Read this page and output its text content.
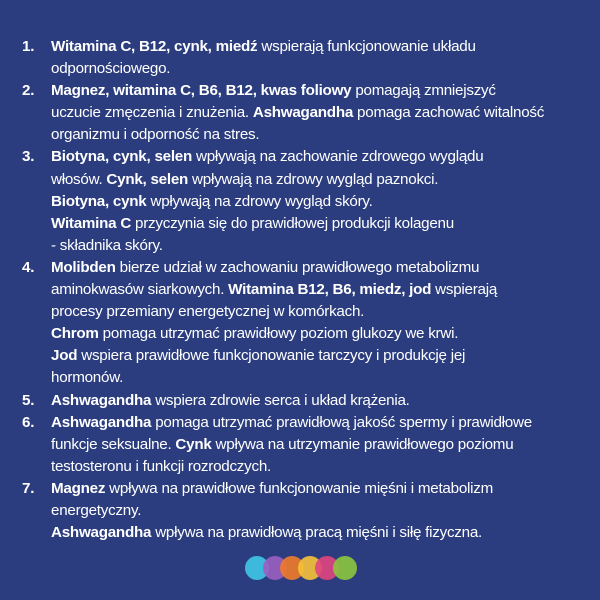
1.	Witamina C, B12, cynk, miedź wspierają funkcjonowanie układu
odpornościowego.
2.	Magnez, witamina C, B6, B12, kwas foliowy pomagają zmniejszyć
uczucie zmęczenia i znużenia. Ashwagandha pomaga zachować witalność
organizmu i odporność na stres.
3.	Biotyna, cynk, selen wpływają na zachowanie zdrowego wyglądu
włosów. Cynk, selen wpływają na zdrowy wygląd paznokci.
Biotyna, cynk wpływają na zdrowy wygląd skóry.
Witamina C przyczynia się do prawidłowej produkcji kolagenu
- składnika skóry.
4.	Molibden bierze udział w zachowaniu prawidłowego metabolizmu
aminokwasów siarkowych. Witamina B12, B6, miedz, jod wspierają
procesy przemiany energetycznej w komórkach.
Chrom pomaga utrzymać prawidłowy poziom glukozy we krwi.
Jod wspiera prawidłowe funkcjonowanie tarczycy i produkcję jej
hormonów.
5.	Ashwagandha wspiera zdrowie serca i układ krążenia.
6.	Ashwagandha pomaga utrzymać prawidłową jakość spermy i prawidłowe
funkcje seksualne. Cynk wpływa na utrzymanie prawidłowego poziomu
testosteronu i funkcji rozrodczych.
7.	Magnez wpływa na prawidłowe funkcjonowanie mięśni i metabolizm
energetyczny.
Ashwagandha wpływa na prawidłową pracą mięśni i siłę fizyczna.
